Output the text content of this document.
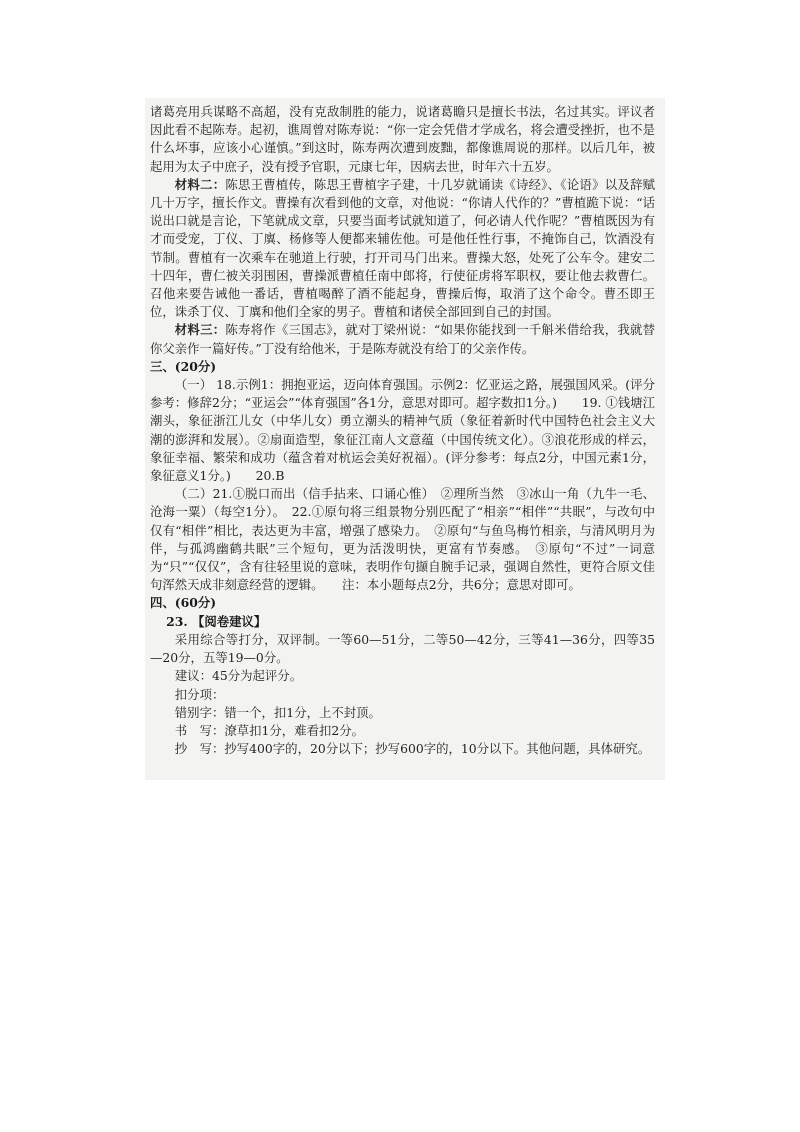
诸葛亮用兵谋略不高超，没有克敌制胜的能力，说诸葛瞻只是擅长书法，名过其实。评议者因此看不起陈寿。起初，谯周曾对陈寿说：“你一定会凭借才学成名，将会遭受挫折，也不是什么坏事，应该小心谨慎。”到这时，陈寿两次遭到废黜，都像谯周说的那样。以后几年，被起用为太子中庶子，没有授予官职，元康七年，因病去世，时年六十五岁。

材料二：陈思王曹植传，陈思王曹植字子建，十几岁就诵读《诗经》、《论语》以及辞赋几十万字，擅长作文。曹操有次看到他的文章，对他说：“你请人代作的？”曹植跪下说：“话说出口就是言论，下笔就成文章，只要当面考试就知道了，何必请人代作呢？”曹植既因为有才而受宠，丁仪、丁廙、杨修等人便都来辅佐他。可是他任性行事，不掩饰自己，饮酒没有节制。曹植有一次乘车在驰道上行驶，打开司马门出来。曹操大怒，处死了公车令。建安二十四年，曹仁被关羽围困，曹操派曹植任南中郎将，行使征虏将军职权，要让他去救曹仁。召他来要告诫他一番话，曹植喝醉了酒不能起身，曹操后悔，取消了这个命令。曹丕即王位，诛杀丁仪、丁廙和他们全家的男子。曹植和诸侯全部回到自己的封国。

材料三：陈寿将作《三国志》，就对丁梁州说：“如果你能找到一千斛米借给我，我就替你父亲作一篇好传。”丁没有给他米，于是陈寿就没有给丁的父亲作传。

三、(20分)

（一） 18.示例1：拥抱亚运，迈向体育强国。示例2：忆亚运之路，展强国风采。(评分参考：修辞2分；“亚运会”“体育强国”各1分，意思对即可。超字数扣1分。)　　19. ①钱塘江潮头，象征浙江儿女（中华儿女）勇立潮头的精神气质（象征着新时代中国特色社会主义大潮的澎湃和发展）。②扇面造型，象征江南人文意蕴（中国传统文化）。③浪花形成的样云，象征幸福、繁荣和成功（蕴含着对杭运会美好祝福）。(评分参考：每点2分，中国元素1分，象征意义1分。)　　20.B

（二）21.①脱口而出（信手拈来、口诵心惟）　②理所当然　③冰山一角（九牛一毛、沧海一粟）（每空1分）。　22.①原句将三组景物分别匹配了“相亲”“相伴”“共眠”，与改句中仅有“相伴”相比，表达更为丰富，增强了感染力。　②原句“与鱼鸟梅竹相亲，与清风明月为伴，与孤鸿幽鹤共眠”三个短句，更为活泼明快，更富有节奏感。　③原句“不过”一词意为“只”“仅仅”，含有往轻里说的意味，表明作句撷自腕手记录，强调自然性，更符合原文佳句浑然天成非刻意经营的逻辑。　　注：本小题每点2分，共6分；意思对即可。

四、(60分)

23. 【阅卷建议】

采用综合等打分，双评制。一等60—51分，二等50—42分，三等41—36分，四等35—20分，五等19—0分。

建议：45分为起评分。

扣分项：

错别字：错一个，扣1分，上不封顶。

书　写：潦草扣1分，难看扣2分。

抄　写：抄写400字的，20分以下；抄写600字的，10分以下。其他问题，具体研究。
